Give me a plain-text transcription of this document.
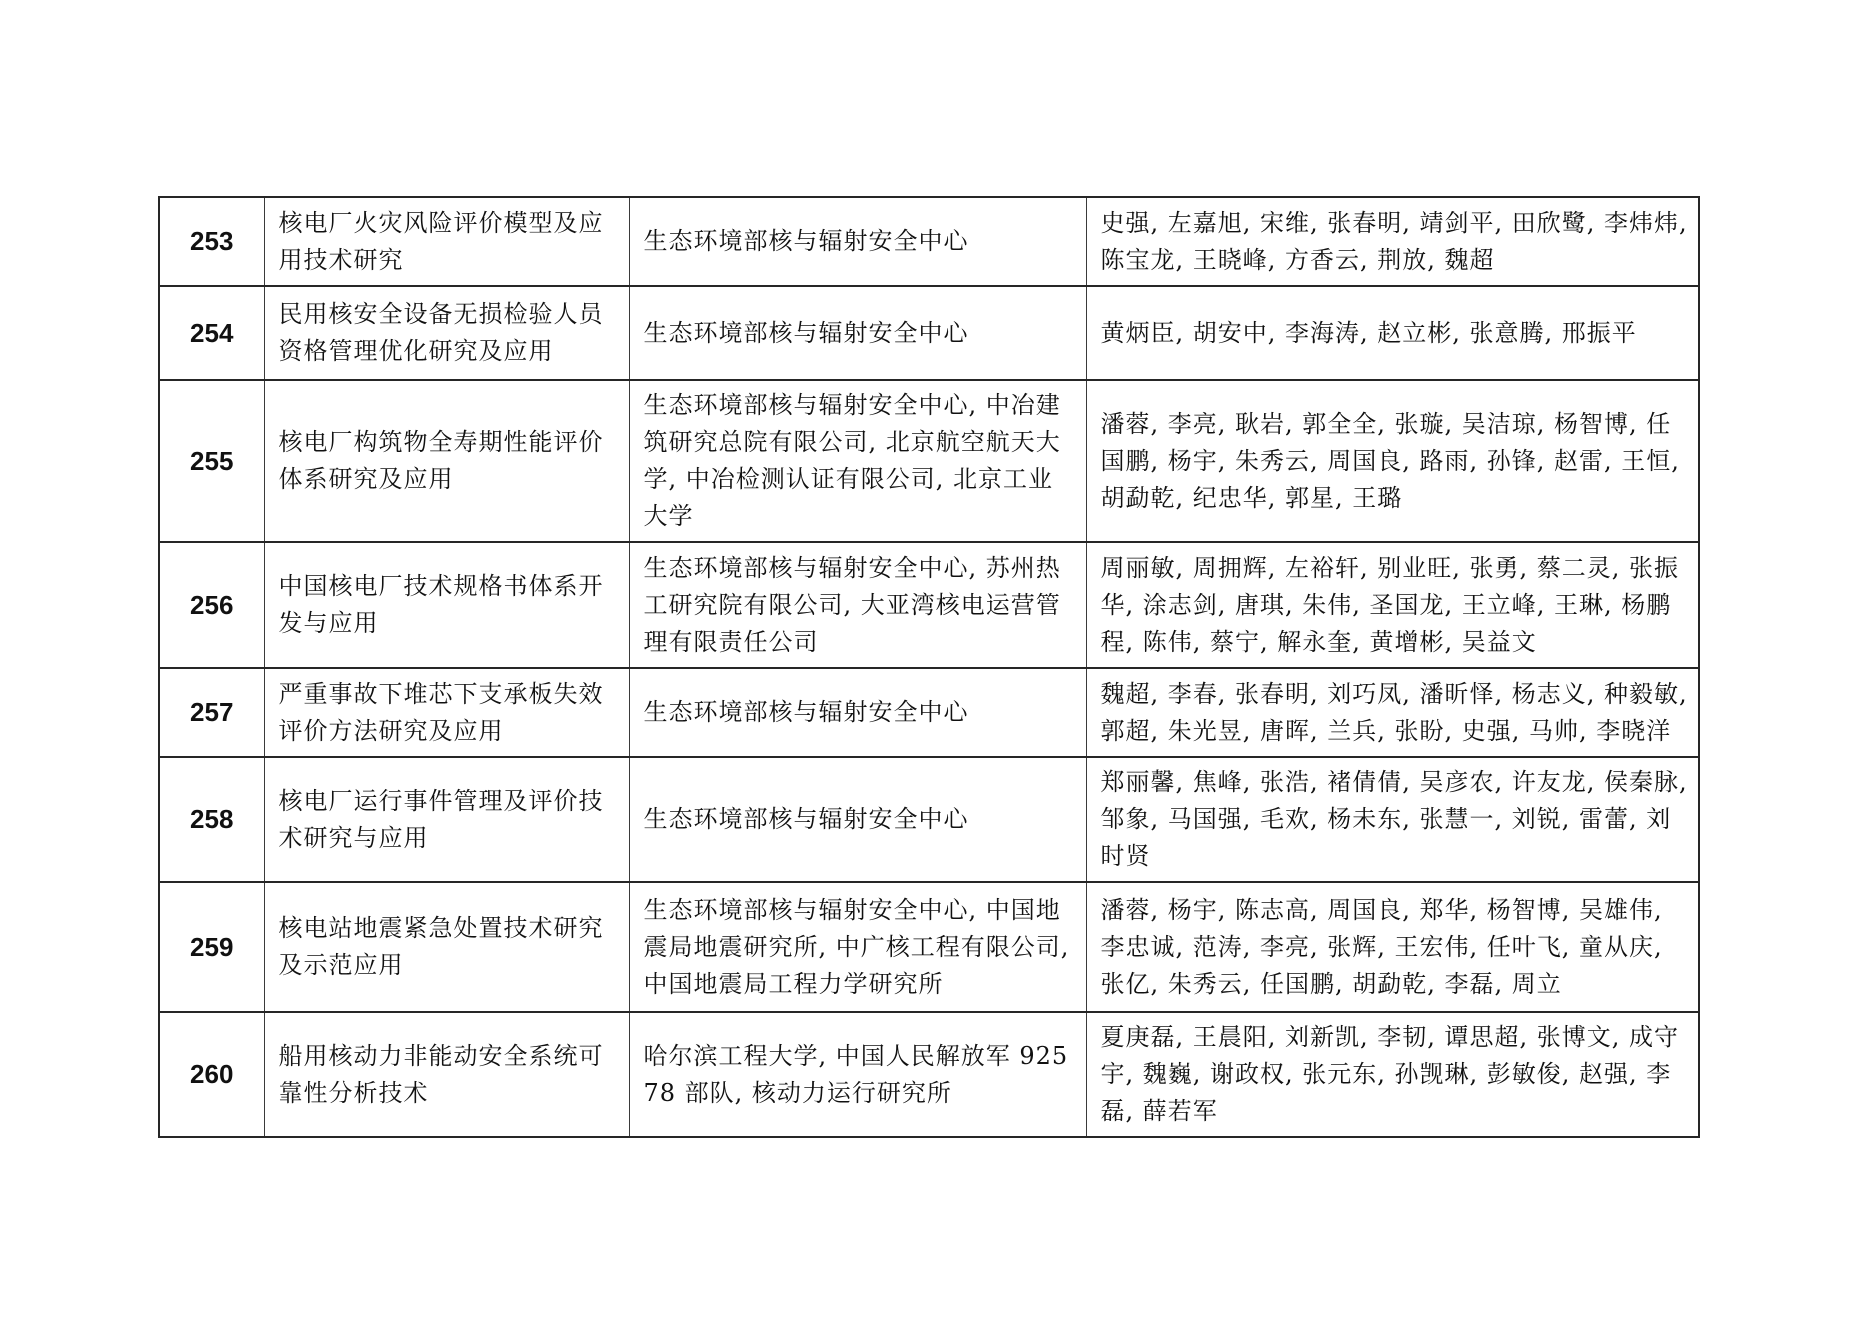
253	核电厂火灾风险评价模型及应用技术研究	生态环境部核与辐射安全中心	史强, 左嘉旭, 宋维, 张春明, 靖剑平, 田欣鹭, 李炜炜, 陈宝龙, 王晓峰, 方香云, 荆放, 魏超
254	民用核安全设备无损检验人员资格管理优化研究及应用	生态环境部核与辐射安全中心	黄炳臣, 胡安中, 李海涛, 赵立彬, 张意腾, 邢振平
255	核电厂构筑物全寿期性能评价体系研究及应用	生态环境部核与辐射安全中心, 中冶建筑研究总院有限公司, 北京航空航天大学, 中冶检测认证有限公司, 北京工业大学	潘蓉, 李亮, 耿岩, 郭全全, 张璇, 吴洁琼, 杨智博, 任国鹏, 杨宇, 朱秀云, 周国良, 路雨, 孙锋, 赵雷, 王恒, 胡勐乾, 纪忠华, 郭星, 王璐
256	中国核电厂技术规格书体系开发与应用	生态环境部核与辐射安全中心, 苏州热工研究院有限公司, 大亚湾核电运营管理有限责任公司	周丽敏, 周拥辉, 左裕轩, 别业旺, 张勇, 蔡二灵, 张振华, 涂志剑, 唐琪, 朱伟, 圣国龙, 王立峰, 王琳, 杨鹏程, 陈伟, 蔡宁, 解永奎, 黄增彬, 吴益文
257	严重事故下堆芯下支承板失效评价方法研究及应用	生态环境部核与辐射安全中心	魏超, 李春, 张春明, 刘巧凤, 潘昕怿, 杨志义, 种毅敏, 郭超, 朱光昱, 唐晖, 兰兵, 张盼, 史强, 马帅, 李晓洋
258	核电厂运行事件管理及评价技术研究与应用	生态环境部核与辐射安全中心	郑丽馨, 焦峰, 张浩, 褚倩倩, 吴彦农, 许友龙, 侯秦脉, 邹象, 马国强, 毛欢, 杨未东, 张慧一, 刘锐, 雷蕾, 刘时贤
259	核电站地震紧急处置技术研究及示范应用	生态环境部核与辐射安全中心, 中国地震局地震研究所, 中广核工程有限公司, 中国地震局工程力学研究所	潘蓉, 杨宇, 陈志高, 周国良, 郑华, 杨智博, 吴雄伟, 李忠诚, 范涛, 李亮, 张辉, 王宏伟, 任叶飞, 童从庆, 张亿, 朱秀云, 任国鹏, 胡勐乾, 李磊, 周立
260	船用核动力非能动安全系统可靠性分析技术	哈尔滨工程大学, 中国人民解放军 92578 部队, 核动力运行研究所	夏庚磊, 王晨阳, 刘新凯, 李韧, 谭思超, 张博文, 成守宇, 魏巍, 谢政权, 张元东, 孙觊琳, 彭敏俊, 赵强, 李磊, 薛若军
